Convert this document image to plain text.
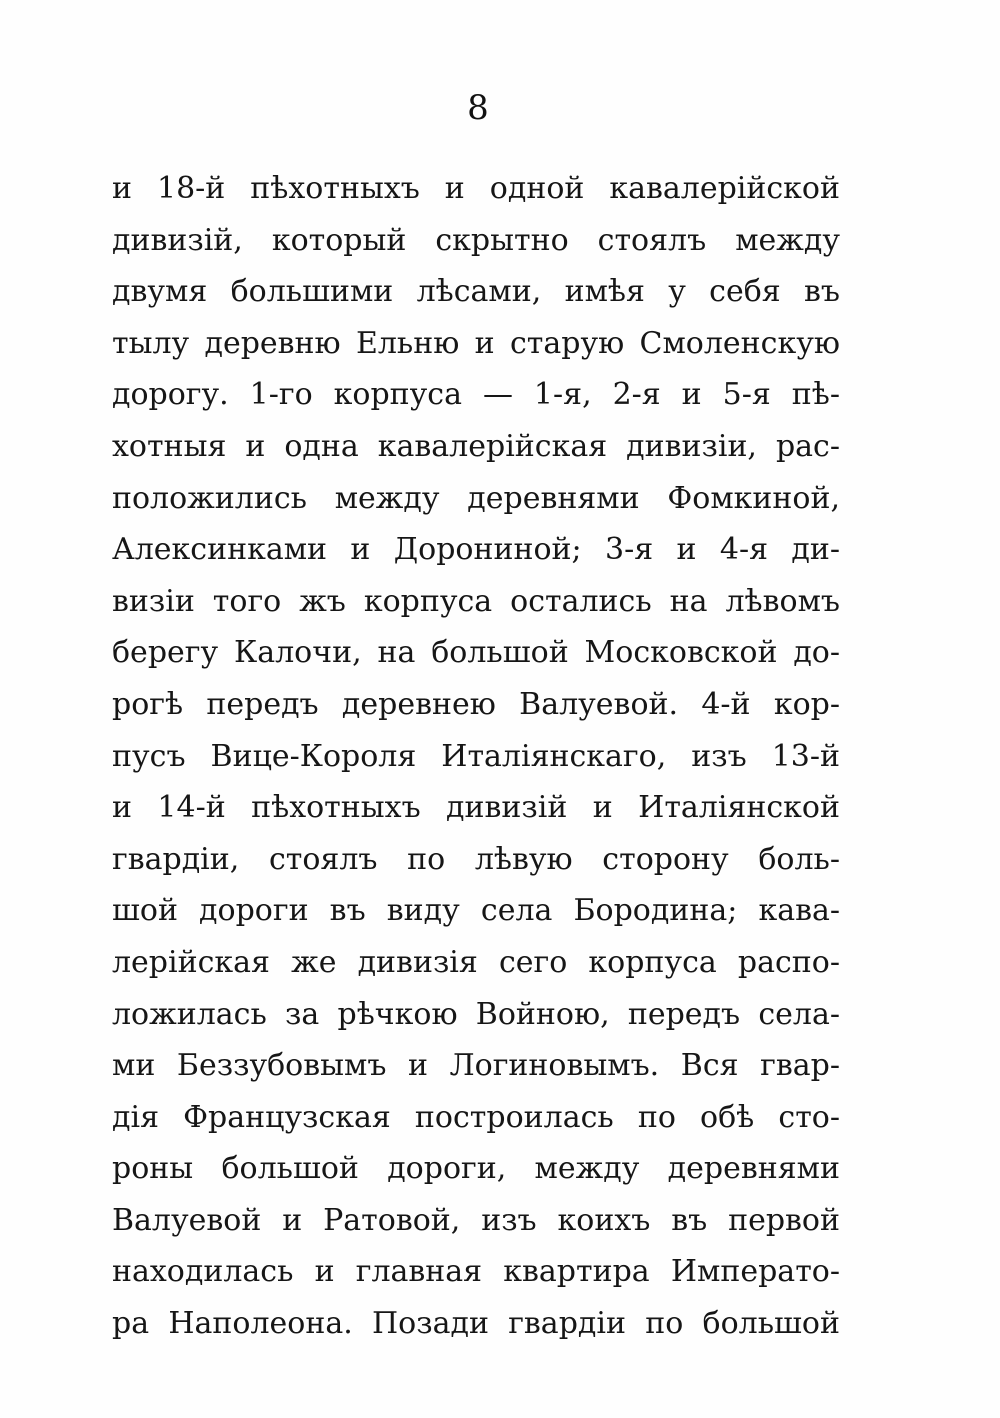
8
и 18-й пѣхотныхъ и одной кавалерійской
дивизій, который скрытно стоялъ между
двумя большими лѣсами, имѣя у себя въ
тылу деревню Ельню и старую Смоленскую
дорогу. 1-го корпуса — 1-я, 2-я и 5-я пѣ-
хотныя и одна кавалерійская дивизіи, рас-
положились между деревнями Фомкиной,
Алексинками и Дорониной; 3-я и 4-я ди-
визіи того жъ корпуса остались на лѣвомъ
берегу Калочи, на большой Московской до-
рогѣ передъ деревнею Валуевой. 4-й кор-
пусъ Вице-Короля Италіянскаго, изъ 13-й
и 14-й пѣхотныхъ дивизій и Италіянской
гвардіи, стоялъ по лѣвую сторону боль-
шой дороги въ виду села Бородина; кава-
лерійская же дивизія сего корпуса распо-
ложилась за рѣчкою Войною, передъ села-
ми Беззубовымъ и Логиновымъ. Вся гвар-
дія Французская построилась по обѣ сто-
роны большой дороги, между деревнями
Валуевой и Ратовой, изъ коихъ въ первой
находилась и главная квартира Императо-
ра Наполеона. Позади гвардіи по большой
